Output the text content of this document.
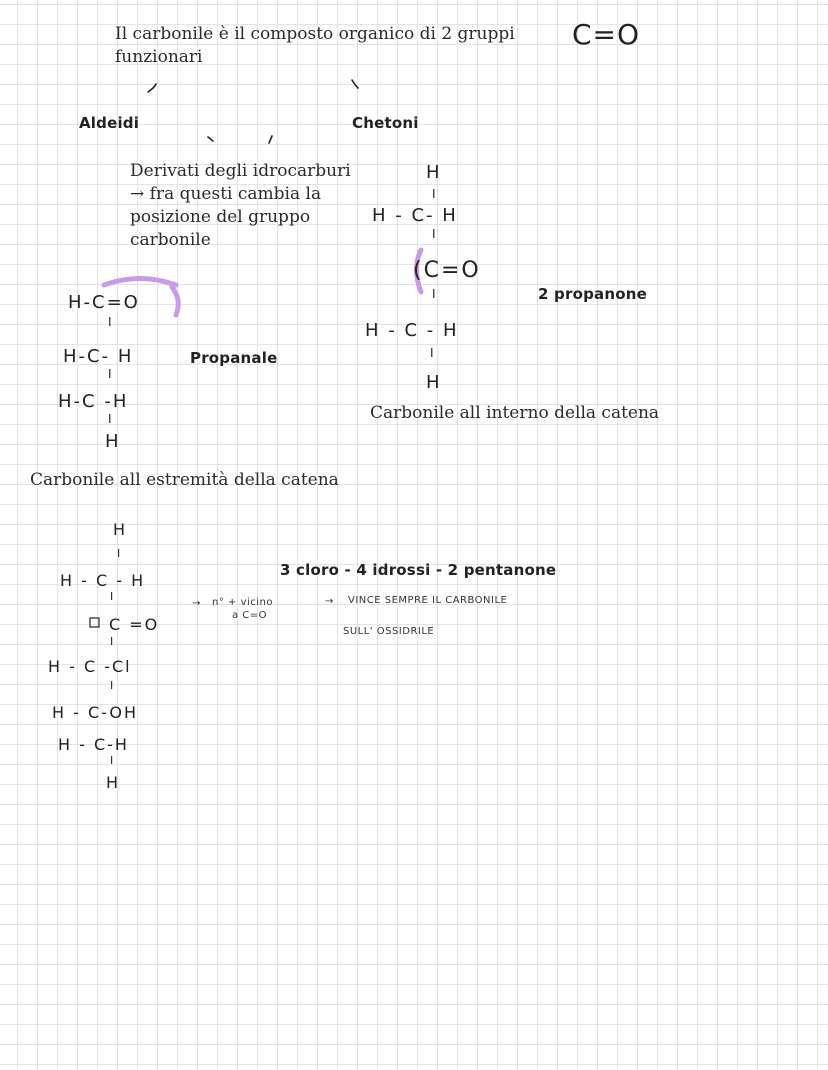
Il carbonile è il composto organico di 2 gruppi
funzionari
C=O
Aldeidi	Chetoni
Derivati degli idrocarburi
→ fra questi cambia la
posizione del gruppo
carbonile
Propanale
Carbonile all estremità della catena
2 propanone
Carbonile all interno della catena
3 cloro - 4 idrossi - 2 pentanone
→ n° + vicino
a C=O
→ VINCE SEMPRE IL CARBONILE
SULL' OSSIDRILE
H-C=O
I
H-C- H
I
H-C -H
I
H
H
I
H - C- H
I
(C=O
I
H - C - H
I
H
H
I
H - C - H
I
C =O
I
H - C -Cl
I
H - C-OH
H - C-H
I
H
